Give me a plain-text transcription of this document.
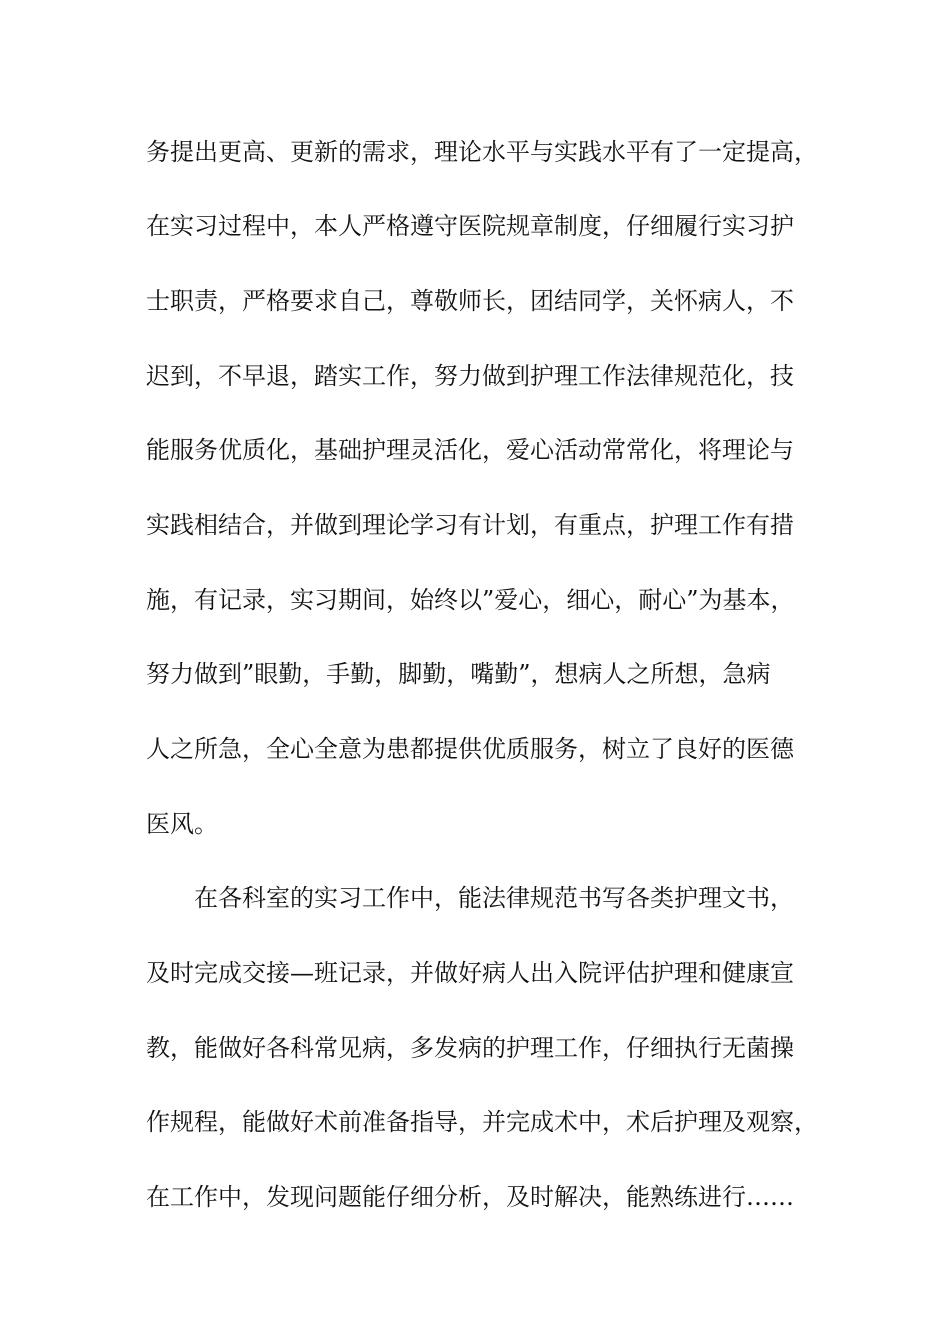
务提出更高、更新的需求，理论水平与实践水平有了一定提高，
在实习过程中，本人严格遵守医院规章制度，仔细履行实习护
士职责，严格要求自己，尊敬师长，团结同学，关怀病人，不
迟到，不早退，踏实工作，努力做到护理工作法律规范化，技
能服务优质化，基础护理灵活化，爱心活动常常化，将理论与
实践相结合，并做到理论学习有计划，有重点，护理工作有措
施，有记录，实习期间，始终以”爱心，细心，耐心”为基本，
努力做到”眼勤，手勤，脚勤，嘴勤”，想病人之所想，急病
人之所急，全心全意为患都提供优质服务，树立了良好的医德
医风。
在各科室的实习工作中，能法律规范书写各类护理文书，
及时完成交接—班记录，并做好病人出入院评估护理和健康宣
教，能做好各科常见病，多发病的护理工作，仔细执行无菌操
作规程，能做好术前准备指导，并完成术中，术后护理及观察，
在工作中，发现问题能仔细分析，及时解决，能熟练进行……
